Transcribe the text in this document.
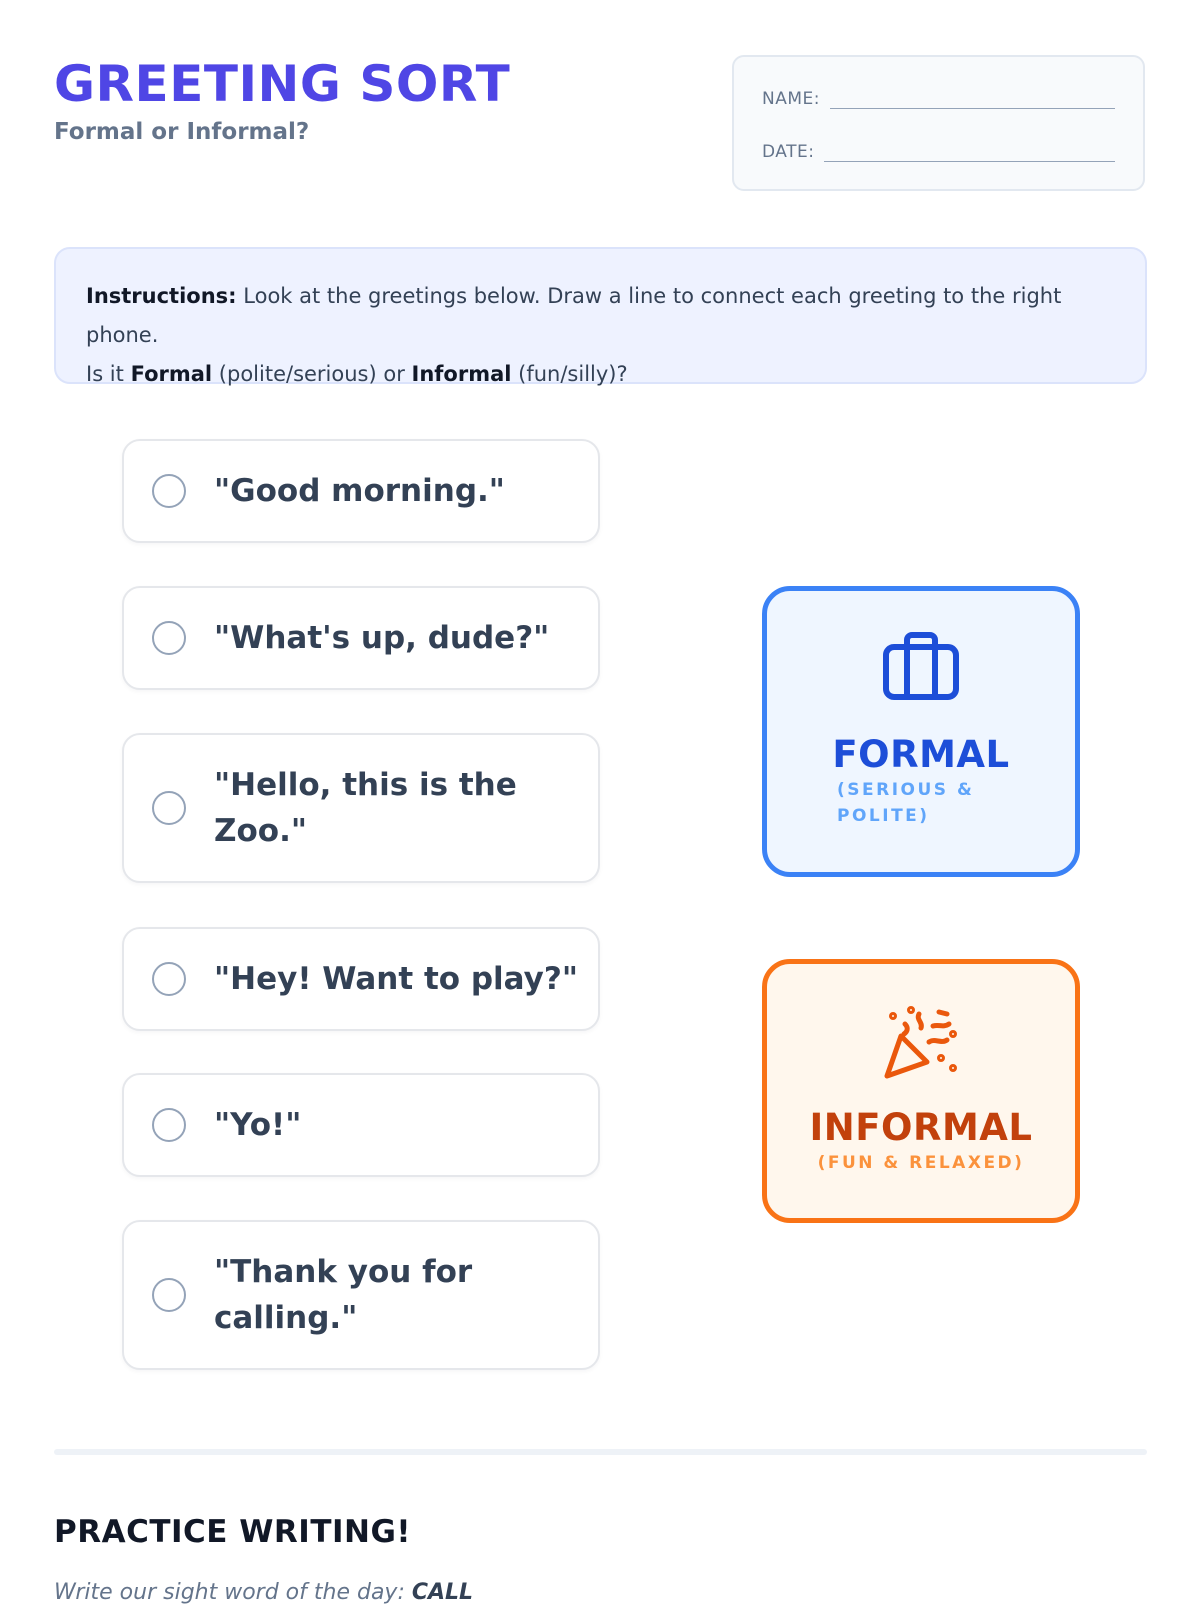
GREETING SORT
Formal or Informal?
NAME:
DATE:
Instructions: Look at the greetings below. Draw a line to connect each greeting to the right phone.
Is it Formal (polite/serious) or Informal (fun/silly)?
"Good morning."
"What's up, dude?"
"Hello, this is the Zoo."
"Hey! Want to play?"
"Yo!"
"Thank you for calling."
FORMAL
(SERIOUS & POLITE)
INFORMAL
(FUN & RELAXED)
PRACTICE WRITING!
Write our sight word of the day: CALL
